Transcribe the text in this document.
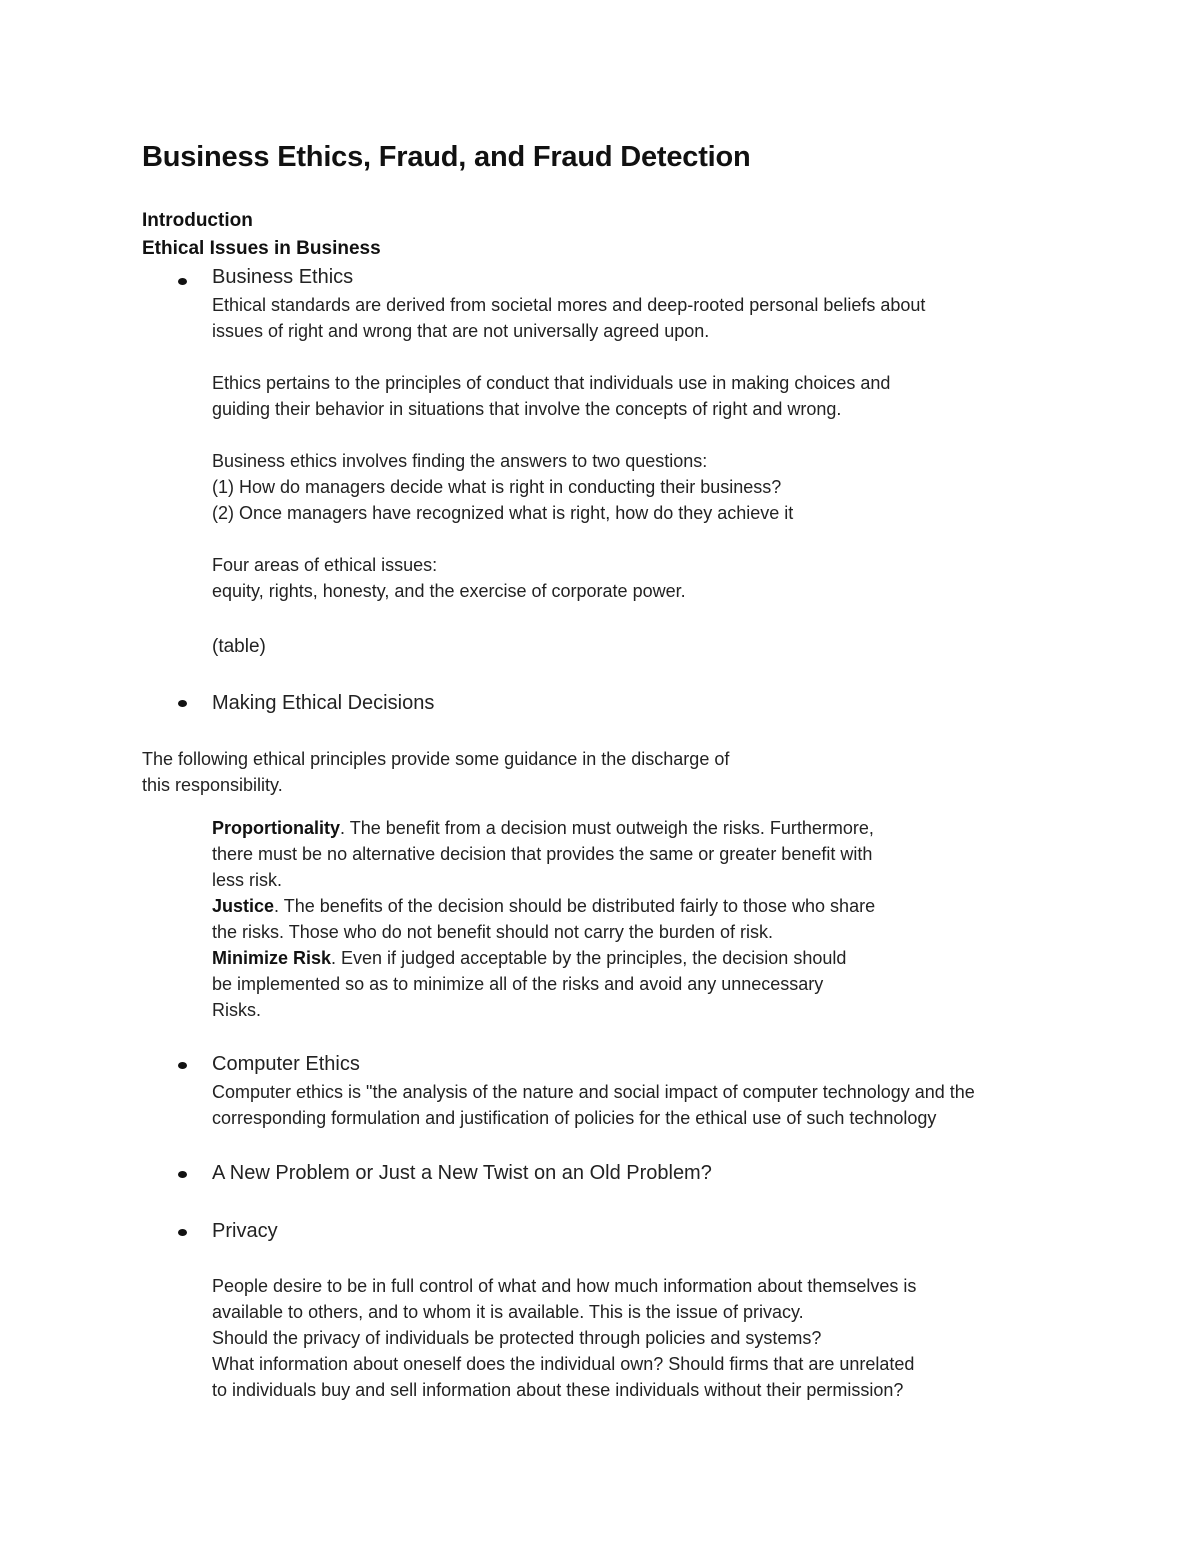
Business Ethics, Fraud, and Fraud Detection
Introduction
Ethical Issues in Business
Business Ethics
Ethical standards are derived from societal mores and deep-rooted personal beliefs about
issues of right and wrong that are not universally agreed upon.
Ethics pertains to the principles of conduct that individuals use in making choices and
guiding their behavior in situations that involve the concepts of right and wrong.
Business ethics involves finding the answers to two questions:
(1) How do managers decide what is right in conducting their business?
(2) Once managers have recognized what is right, how do they achieve it
Four areas of ethical issues:
equity, rights, honesty, and the exercise of corporate power.
(table)
Making Ethical Decisions
The following ethical principles provide some guidance in the discharge of
this responsibility.
Proportionality. The benefit from a decision must outweigh the risks. Furthermore,
there must be no alternative decision that provides the same or greater benefit with
less risk.
Justice. The benefits of the decision should be distributed fairly to those who share
the risks. Those who do not benefit should not carry the burden of risk.
Minimize Risk. Even if judged acceptable by the principles, the decision should
be implemented so as to minimize all of the risks and avoid any unnecessary
Risks.
Computer Ethics
Computer ethics is "the analysis of the nature and social impact of computer technology and the
corresponding formulation and justification of policies for the ethical use of such technology
A New Problem or Just a New Twist on an Old Problem?
Privacy
People desire to be in full control of what and how much information about themselves is
available to others, and to whom it is available. This is the issue of privacy.
Should the privacy of individuals be protected through policies and systems?
What information about oneself does the individual own? Should firms that are unrelated
to individuals buy and sell information about these individuals without their permission?
